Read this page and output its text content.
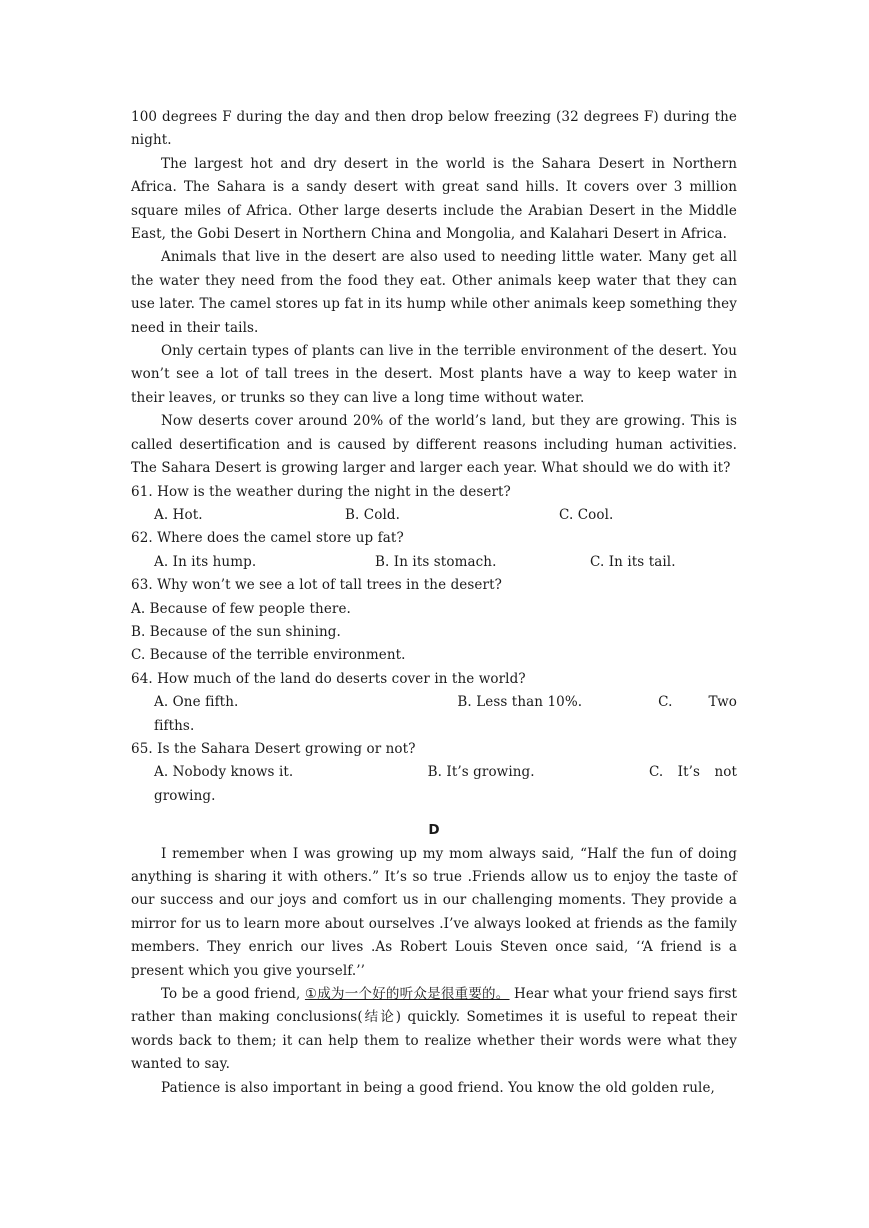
100 degrees F during the day and then drop below freezing (32 degrees F) during the night.

The largest hot and dry desert in the world is the Sahara Desert in Northern Africa. The Sahara is a sandy desert with great sand hills. It covers over 3 million square miles of Africa. Other large deserts include the Arabian Desert in the Middle East, the Gobi Desert in Northern China and Mongolia, and Kalahari Desert in Africa.

Animals that live in the desert are also used to needing little water. Many get all the water they need from the food they eat. Other animals keep water that they can use later. The camel stores up fat in its hump while other animals keep something they need in their tails.

Only certain types of plants can live in the terrible environment of the desert. You won’t see a lot of tall trees in the desert. Most plants have a way to keep water in their leaves, or trunks so they can live a long time without water.

Now deserts cover around 20% of the world’s land, but they are growing. This is called desertification and is caused by different reasons including human activities. The Sahara Desert is growing larger and larger each year. What should we do with it?

61. How is the weather during the night in the desert?

A. Hot.	B. Cold.	C. Cool.

62. Where does the camel store up fat?

A. In its hump.	B. In its stomach.	C. In its tail.

63. Why won’t we see a lot of tall trees in the desert?

A. Because of few people there.

B. Because of the sun shining.

C. Because of the terrible environment.

64. How much of the land do deserts cover in the world?

A. One fifth.	B. Less than 10%.	C.	Two
fifths.

65. Is the Sahara Desert growing or not?

A. Nobody knows it.	B. It’s growing.	C. It’s not
growing.
D

I remember when I was growing up my mom always said, “Half the fun of doing anything is sharing it with others.” It’s so true .Friends allow us to enjoy the taste of our success and our joys and comfort us in our challenging moments. They provide a mirror for us to learn more about ourselves .I’ve always looked at friends as the family members. They enrich our lives .As Robert Louis Steven once said, ‘‘A friend is a present which you give yourself.’’

To be a good friend, ①成为一个好的听众是很重要的。 Hear what your friend says first rather than making conclusions(结论) quickly. Sometimes it is useful to repeat their words back to them; it can help them to realize whether their words were what they wanted to say.

Patience is also important in being a good friend. You know the old golden rule,
